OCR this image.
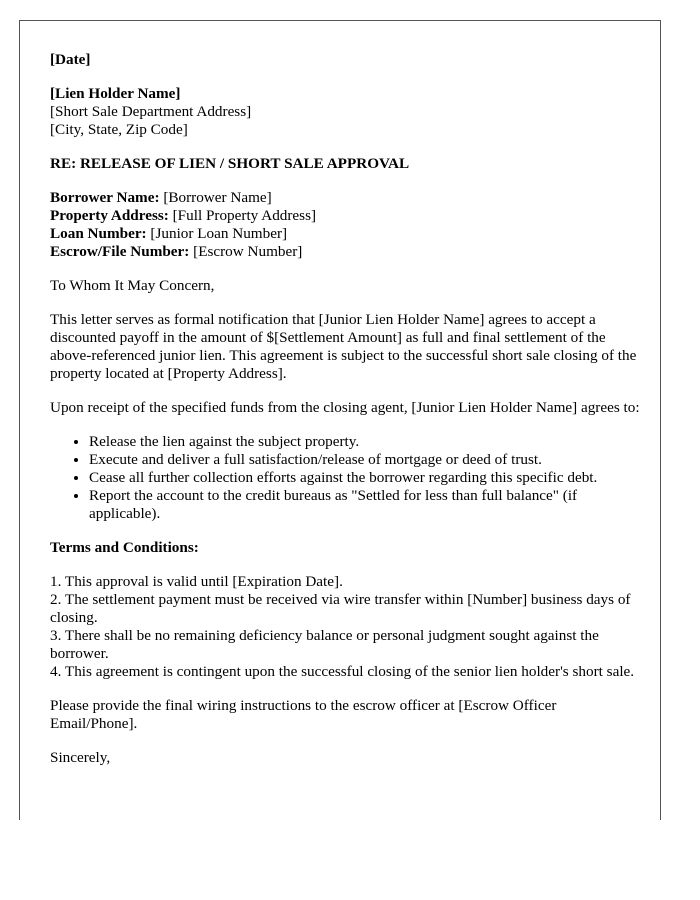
[Date]

[Lien Holder Name]
[Short Sale Department Address]
[City, State, Zip Code]

RE: RELEASE OF LIEN / SHORT SALE APPROVAL

Borrower Name: [Borrower Name]
Property Address: [Full Property Address]
Loan Number: [Junior Loan Number]
Escrow/File Number: [Escrow Number]

To Whom It May Concern,

This letter serves as formal notification that [Junior Lien Holder Name] agrees to accept a discounted payoff in the amount of $[Settlement Amount] as full and final settlement of the above-referenced junior lien. This agreement is subject to the successful short sale closing of the property located at [Property Address].

Upon receipt of the specified funds from the closing agent, [Junior Lien Holder Name] agrees to:

• Release the lien against the subject property.
• Execute and deliver a full satisfaction/release of mortgage or deed of trust.
• Cease all further collection efforts against the borrower regarding this specific debt.
• Report the account to the credit bureaus as "Settled for less than full balance" (if applicable).

Terms and Conditions:

1. This approval is valid until [Expiration Date].
2. The settlement payment must be received via wire transfer within [Number] business days of closing.
3. There shall be no remaining deficiency balance or personal judgment sought against the borrower.
4. This agreement is contingent upon the successful closing of the senior lien holder's short sale.

Please provide the final wiring instructions to the escrow officer at [Escrow Officer Email/Phone].

Sincerely,
